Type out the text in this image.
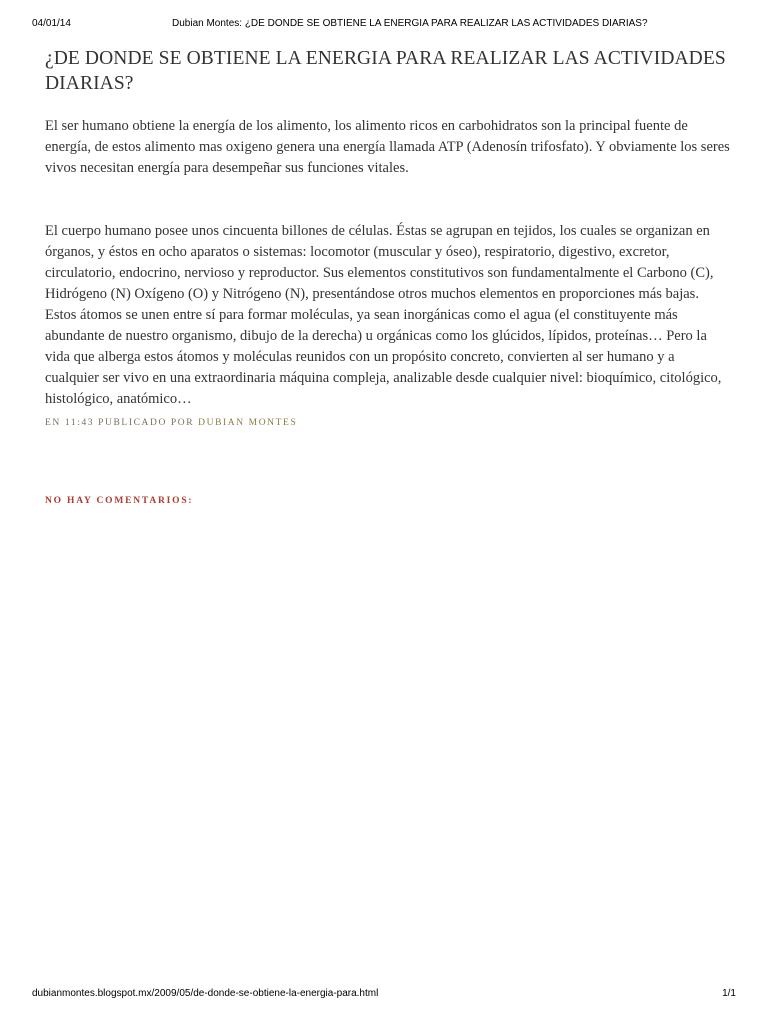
04/01/14	Dubian Montes: ¿DE DONDE SE OBTIENE LA ENERGIA PARA REALIZAR LAS ACTIVIDADES DIARIAS?
¿DE DONDE SE OBTIENE LA ENERGIA PARA REALIZAR LAS ACTIVIDADES DIARIAS?

El ser humano obtiene la energía de los alimento, los alimento ricos en carbohidratos son la principal fuente de energía, de estos alimento mas oxigeno genera una energía llamada ATP (Adenosín trifosfato). Y obviamente los seres vivos necesitan energía para desempeñar sus funciones vitales.

El cuerpo humano posee unos cincuenta billones de células. Éstas se agrupan en tejidos, los cuales se organizan en órganos, y éstos en ocho aparatos o sistemas: locomotor (muscular y óseo), respiratorio, digestivo, excretor, circulatorio, endocrino, nervioso y reproductor. Sus elementos constitutivos son fundamentalmente el Carbono (C), Hidrógeno (N) Oxígeno (O) y Nitrógeno (N), presentándose otros muchos elementos en proporciones más bajas. Estos átomos se unen entre sí para formar moléculas, ya sean inorgánicas como el agua (el constituyente más abundante de nuestro organismo, dibujo de la derecha) u orgánicas como los glúcidos, lípidos, proteínas… Pero la vida que alberga estos átomos y moléculas reunidos con un propósito concreto, convierten al ser humano y a cualquier ser vivo en una extraordinaria máquina compleja, analizable desde cualquier nivel: bioquímico, citológico, histológico, anatómico…

EN 11:43 PUBLICADO POR DUBIAN MONTES
NO HAY COMENTARIOS:
dubianmontes.blogspot.mx/2009/05/de-donde-se-obtiene-la-energia-para.html	1/1
